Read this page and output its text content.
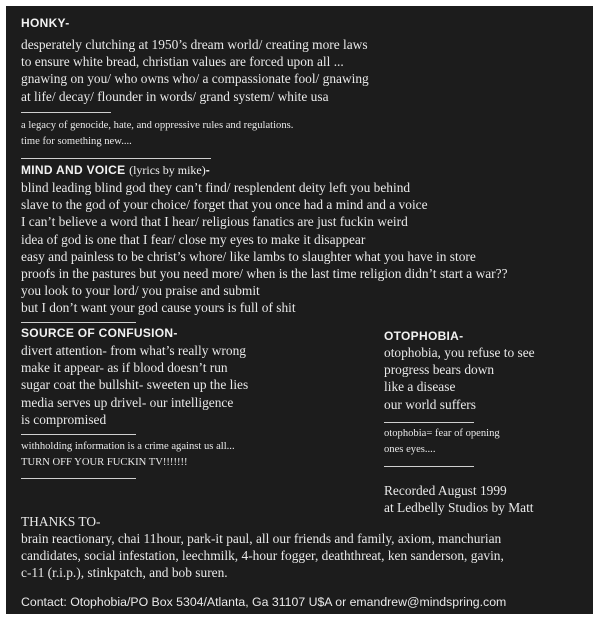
HONKY-
desperately clutching at 1950’s dream world/ creating more laws
to ensure white bread, christian values are forced upon all ...
gnawing on you/ who owns who/ a compassionate fool/ gnawing
at life/ decay/ flounder in words/ grand system/ white usa
a legacy of genocide, hate, and oppressive rules and regulations.
time for something new....
MIND AND VOICE (lyrics by mike)-
blind leading blind god they can’t find/ resplendent deity left you behind
slave to the god of your choice/ forget that you once had a mind and a voice
I can’t believe a word that I hear/ religious fanatics are just fuckin weird
idea of god is one that I fear/ close my eyes to make it disappear
easy and painless to be christ’s whore/ like lambs to slaughter what you have in store
proofs in the pastures but you need more/ when is the last time religion didn’t start a war??
you look to your lord/ you praise and submit
but I don’t want your god cause yours is full of shit
SOURCE OF CONFUSION-
divert attention- from what’s really wrong
make it appear- as if blood doesn’t run
sugar coat the bullshit- sweeten up the lies
media serves up drivel- our intelligence
is compromised
withholding information is a crime against us all...
TURN OFF YOUR FUCKIN TV!!!!!!!
OTOPHOBIA-
otophobia, you refuse to see
progress bears down
like a disease
our world suffers
otophobia= fear of opening
ones eyes....
Recorded August 1999
at Ledbelly Studios by Matt
THANKS TO-
brain reactionary, chai 11hour, park-it paul, all our friends and family, axiom, manchurian
candidates, social infestation, leechmilk, 4-hour fogger, deaththreat, ken sanderson, gavin,
c-11 (r.i.p.), stinkpatch, and bob suren.
Contact: Otophobia/PO Box 5304/Atlanta, Ga 31107 U$A or emandrew@mindspring.com
